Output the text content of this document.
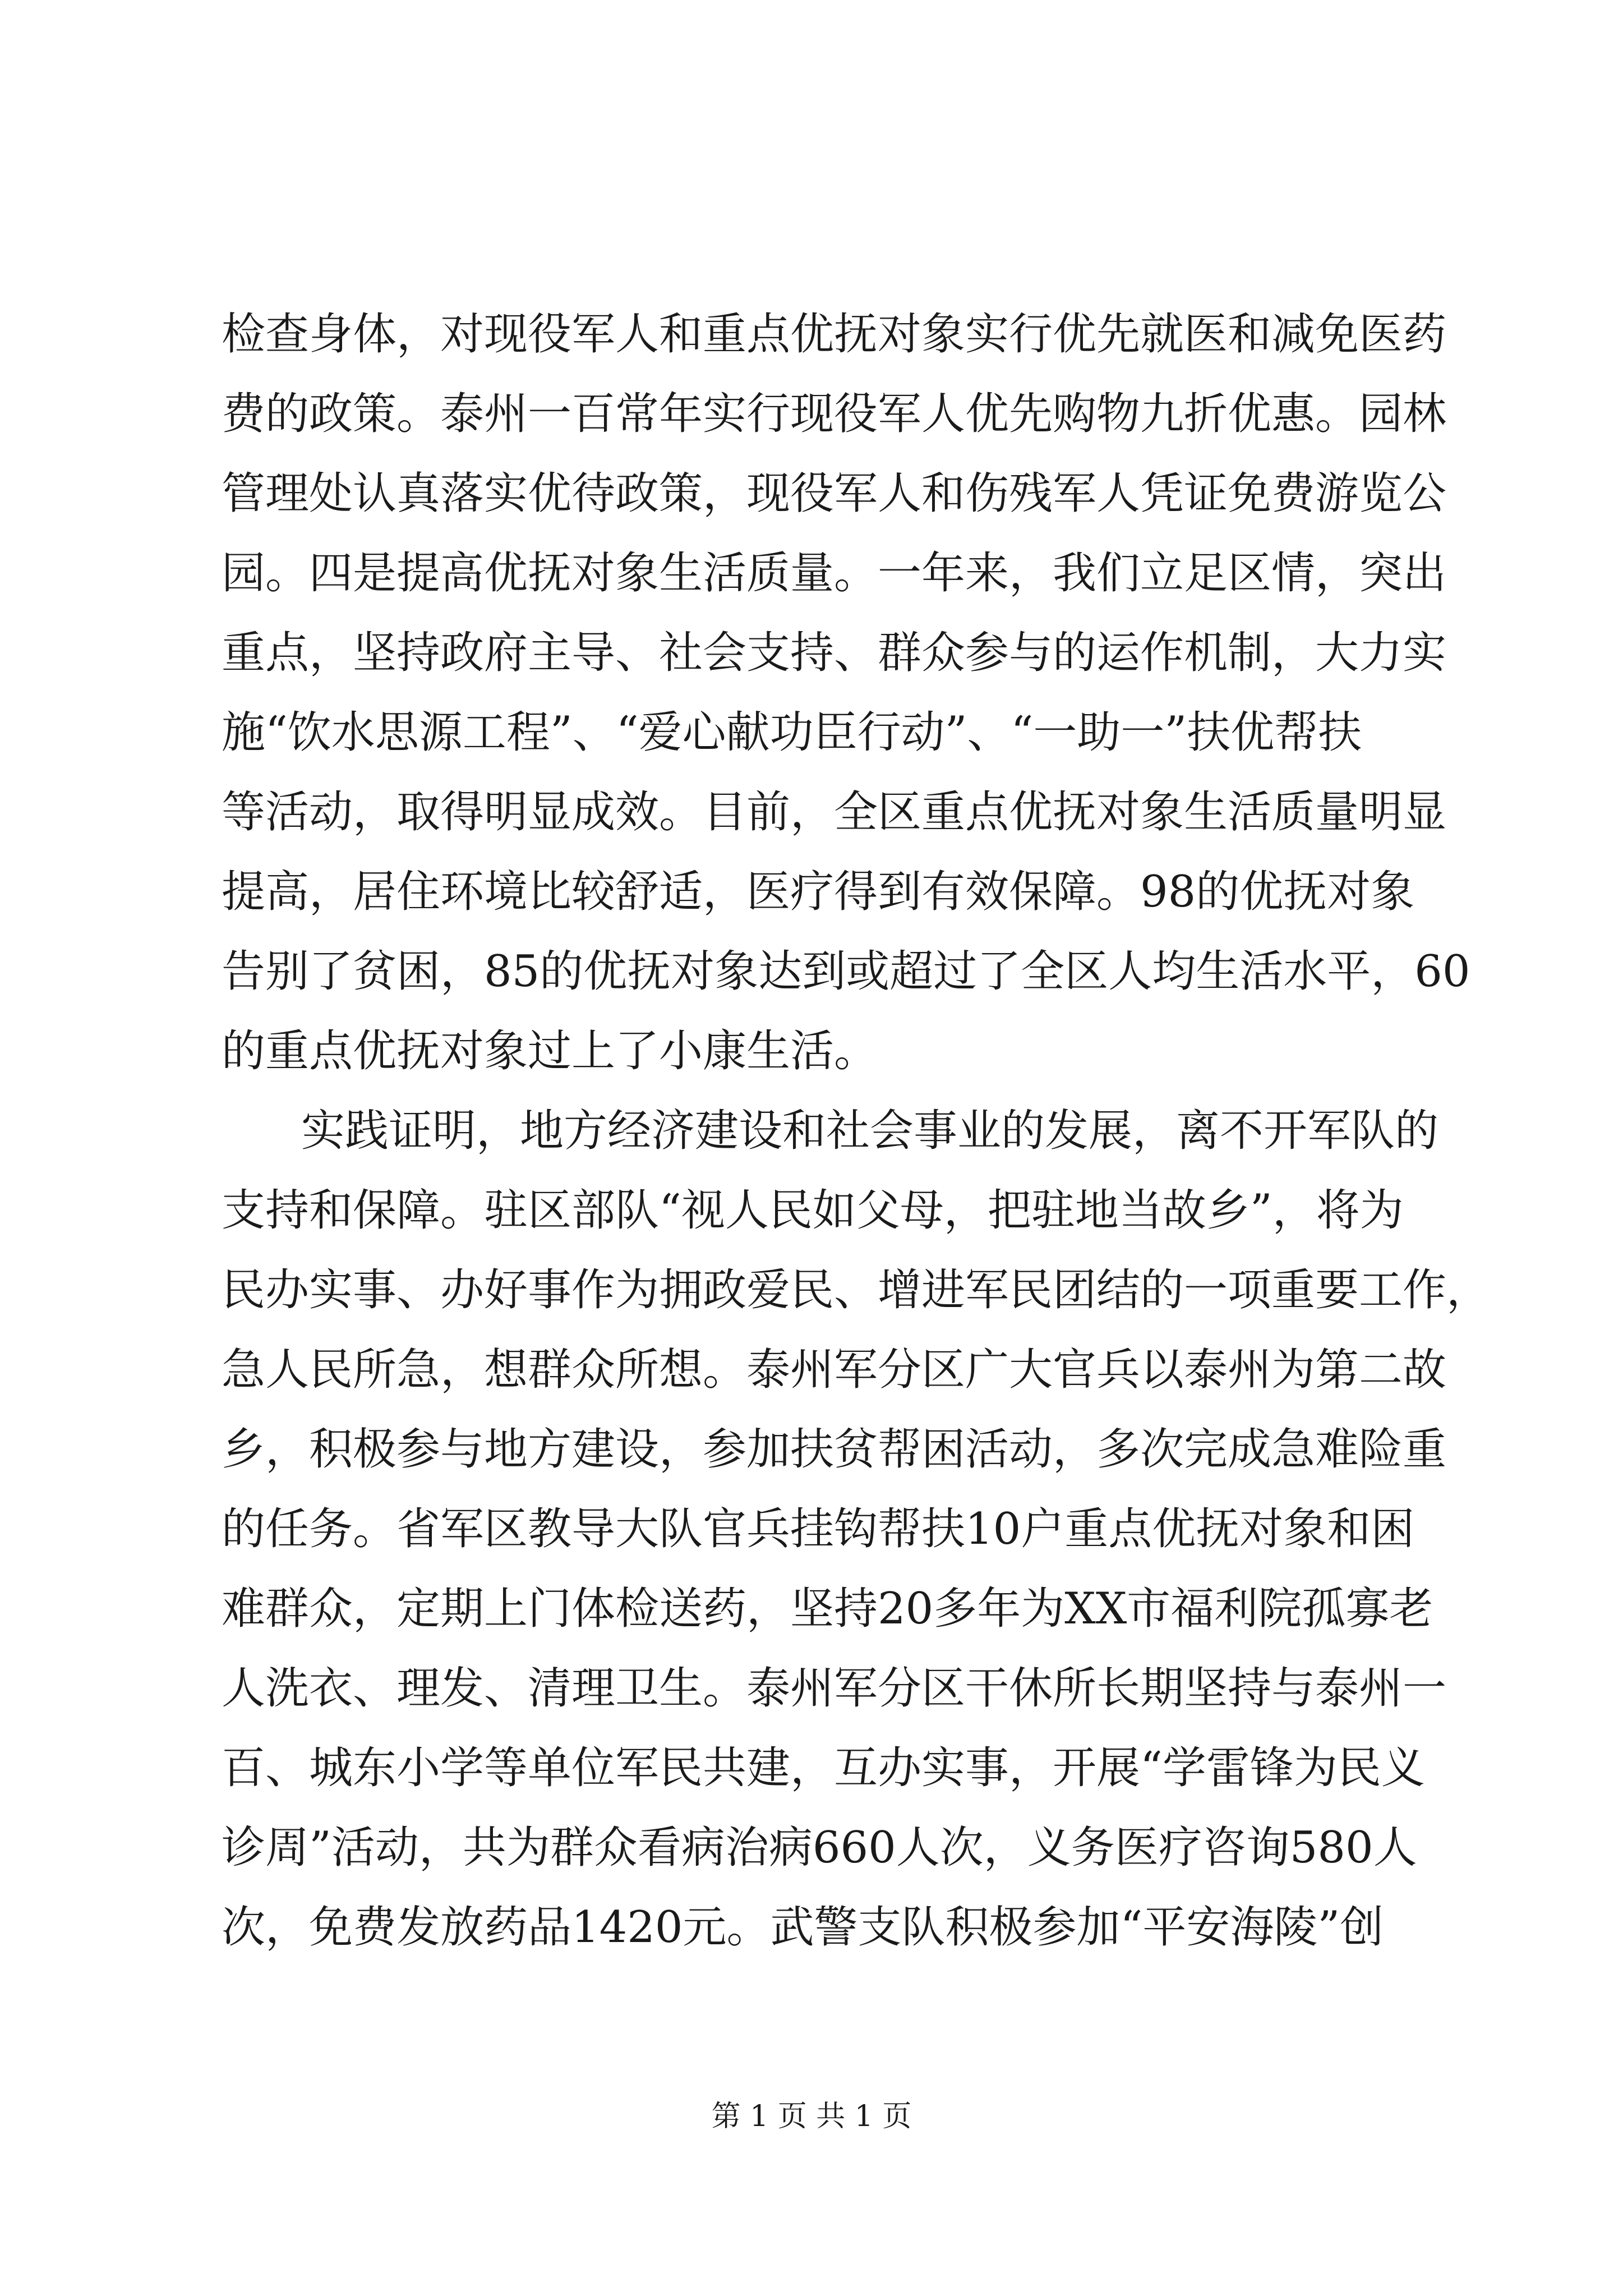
检查身体，对现役军人和重点优抚对象实行优先就医和减免医药
费的政策。泰州一百常年实行现役军人优先购物九折优惠。园林
管理处认真落实优待政策，现役军人和伤残军人凭证免费游览公
园。四是提高优抚对象生活质量。一年来，我们立足区情，突出
重点，坚持政府主导、社会支持、群众参与的运作机制，大力实
施“饮水思源工程”、“爱心献功臣行动”、“一助一”扶优帮扶
等活动，取得明显成效。目前，全区重点优抚对象生活质量明显
提高，居住环境比较舒适，医疗得到有效保障。98的优抚对象
告别了贫困，85的优抚对象达到或超过了全区人均生活水平，60
的重点优抚对象过上了小康生活。
实践证明，地方经济建设和社会事业的发展，离不开军队的
支持和保障。驻区部队“视人民如父母，把驻地当故乡”，将为
民办实事、办好事作为拥政爱民、增进军民团结的一项重要工作，
急人民所急，想群众所想。泰州军分区广大官兵以泰州为第二故
乡，积极参与地方建设，参加扶贫帮困活动，多次完成急难险重
的任务。省军区教导大队官兵挂钩帮扶10户重点优抚对象和困
难群众，定期上门体检送药，坚持20多年为XX市福利院孤寡老
人洗衣、理发、清理卫生。泰州军分区干休所长期坚持与泰州一
百、城东小学等单位军民共建，互办实事，开展“学雷锋为民义
诊周”活动，共为群众看病治病660人次，义务医疗咨询580人
次，免费发放药品1420元。武警支队积极参加“平安海陵”创
第 1 页 共 1 页
